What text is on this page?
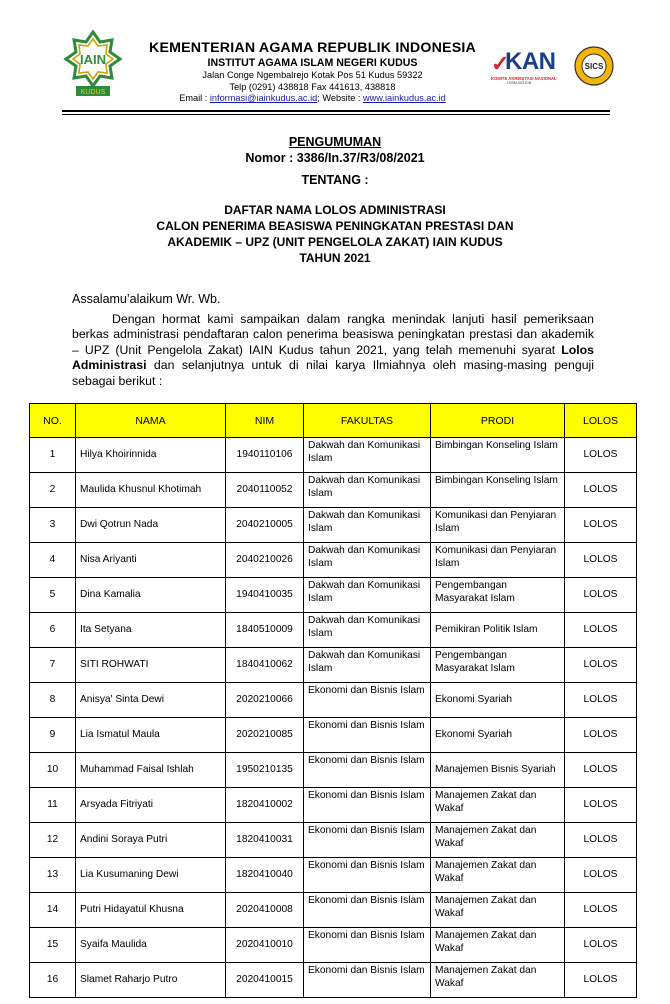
IAIN
KUDUS
KEMENTERIAN AGAMA REPUBLIK INDONESIA
INSTITUT AGAMA ISLAM NEGERI KUDUS
Jalan Conge Ngembalrejo Kotak Pos 51 Kudus 59322
Telp (0291) 438818 Fax 441613, 438818
Email : informasi@iainkudus.ac.id; Website : www.iainkudus.ac.id
✓
KAN
KOMITE AKREDITASI NASIONAL
LSSM-003-IDN
SICS
PENGUMUMAN
Nomor : 3386/In.37/R3/08/2021
TENTANG :
DAFTAR NAMA LOLOS ADMINISTRASI
CALON PENERIMA BEASISWA PENINGKATAN PRESTASI DAN
AKADEMIK – UPZ (UNIT PENGELOLA ZAKAT) IAIN KUDUS
TAHUN 2021
Assalamu’alaikum Wr. Wb.
Dengan hormat kami sampaikan dalam rangka menindak lanjuti hasil pemeriksaan berkas administrasi pendaftaran calon penerima beasiswa peningkatan prestasi dan akademik – UPZ (Unit Pengelola Zakat) IAIN Kudus tahun 2021, yang telah memenuhi syarat Lolos Administrasi dan selanjutnya untuk di nilai karya Ilmiahnya oleh masing-masing penguji sebagai berikut :
NO.	NAMA	NIM	FAKULTAS	PRODI	LOLOS
1	Hilya Khoirinnida	1940110106	Dakwah dan Komunikasi Islam	Bimbingan Konseling Islam	LOLOS
2	Maulida Khusnul Khotimah	2040110052	Dakwah dan Komunikasi Islam	Bimbingan Konseling Islam	LOLOS
3	Dwi Qotrun Nada	2040210005	Dakwah dan Komunikasi Islam	Komunikasi dan Penyiaran Islam	LOLOS
4	Nisa Ariyanti	2040210026	Dakwah dan Komunikasi Islam	Komunikasi dan Penyiaran Islam	LOLOS
5	Dina Kamalia	1940410035	Dakwah dan Komunikasi Islam	Pengembangan Masyarakat Islam	LOLOS
6	Ita Setyana	1840510009	Dakwah dan Komunikasi Islam	Pemikiran Politik Islam	LOLOS
7	SITI ROHWATI	1840410062	Dakwah dan Komunikasi Islam	Pengembangan Masyarakat Islam	LOLOS
8	Anisya' Sinta Dewi	2020210066	Ekonomi dan Bisnis Islam	Ekonomi Syariah	LOLOS
9	Lia Ismatul Maula	2020210085	Ekonomi dan Bisnis Islam	Ekonomi Syariah	LOLOS
10	Muhammad Faisal Ishlah	1950210135	Ekonomi dan Bisnis Islam	Manajemen Bisnis Syariah	LOLOS
11	Arsyada Fitriyati	1820410002	Ekonomi dan Bisnis Islam	Manajemen Zakat dan Wakaf	LOLOS
12	Andini Soraya Putri	1820410031	Ekonomi dan Bisnis Islam	Manajemen Zakat dan Wakaf	LOLOS
13	Lia Kusumaning Dewi	1820410040	Ekonomi dan Bisnis Islam	Manajemen Zakat dan Wakaf	LOLOS
14	Putri Hidayatul Khusna	2020410008	Ekonomi dan Bisnis Islam	Manajemen Zakat dan Wakaf	LOLOS
15	Syaifa Maulida	2020410010	Ekonomi dan Bisnis Islam	Manajemen Zakat dan Wakaf	LOLOS
16	Slamet Raharjo Putro	2020410015	Ekonomi dan Bisnis Islam	Manajemen Zakat dan Wakaf	LOLOS
